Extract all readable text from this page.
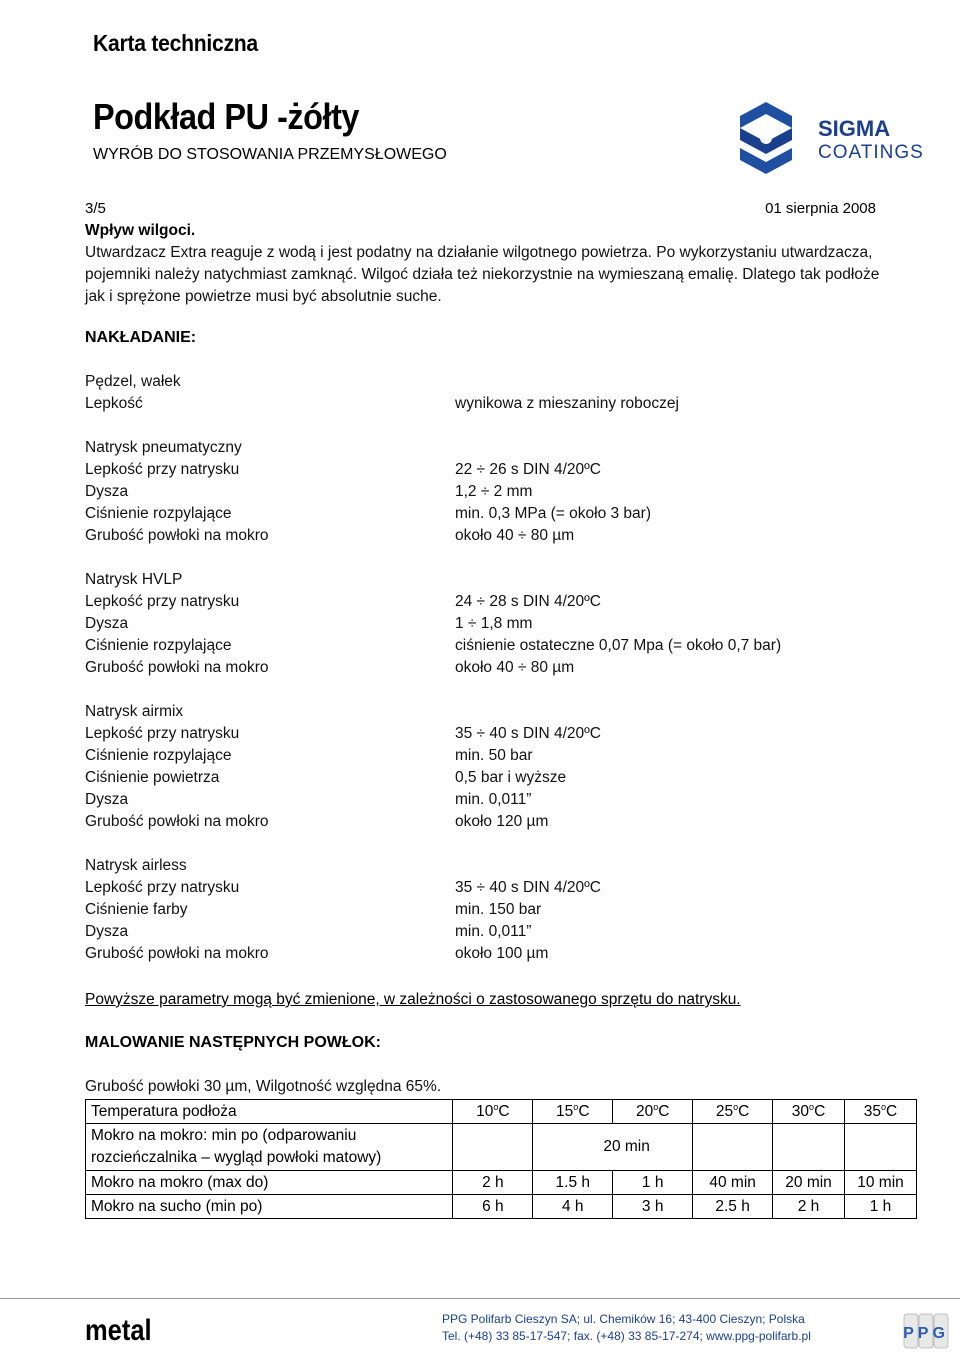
Karta techniczna
Podkład PU -żółty
WYRÓB DO STOSOWANIA PRZEMYSŁOWEGO
SIGMA
COATINGS
3/5	01 sierpnia 2008
Wpływ wilgoci.
Utwardzacz Extra reaguje z wodą i jest podatny na działanie wilgotnego powietrza. Po wykorzystaniu utwardzacza,
pojemniki należy natychmiast zamknąć. Wilgoć działa też niekorzystnie na wymieszaną emalię. Dlatego tak podłoże
jak i sprężone powietrze musi być absolutnie suche.
NAKŁADANIE:
Pędzel, wałek
Lepkość	wynikowa z mieszaniny roboczej
Natrysk pneumatyczny
Lepkość przy natrysku	22 ÷ 26 s DIN 4/20ºC
Dysza	1,2 ÷ 2 mm
Ciśnienie rozpylające	min. 0,3 MPa (= około 3 bar)
Grubość powłoki na mokro	około 40 ÷ 80 µm
Natrysk HVLP
Lepkość przy natrysku	24 ÷ 28 s DIN 4/20ºC
Dysza	1 ÷ 1,8 mm
Ciśnienie rozpylające	ciśnienie ostateczne 0,07 Mpa (= około 0,7 bar)
Grubość powłoki na mokro	około 40 ÷ 80 µm
Natrysk airmix
Lepkość przy natrysku	35 ÷ 40 s DIN 4/20ºC
Ciśnienie rozpylające	min. 50 bar
Ciśnienie powietrza	0,5 bar i wyższe
Dysza	min. 0,011”
Grubość powłoki na mokro	około 120 µm
Natrysk airless
Lepkość przy natrysku	35 ÷ 40 s DIN 4/20ºC
Ciśnienie farby	min. 150 bar
Dysza	min. 0,011”
Grubość powłoki na mokro	około 100 µm
Powyższe parametry mogą być zmienione, w zależności o zastosowanego sprzętu do natrysku.
MALOWANIE NASTĘPNYCH POWŁOK:
Grubość powłoki 30 µm, Wilgotność względna 65%.
Temperatura podłoża	10$^o$C	15$^o$C	20$^o$C	25$^o$C	30$^o$C	35$^o$C

Mokro na mokro: min po (odparowaniu
rozcieńczalnika – wygląd powłoki matowy)		20 min				
Mokro na mokro (max do)	2 h	1.5 h	1 h	40 min	20 min	10 min
Mokro na sucho (min po)	6 h	4 h	3 h	2.5 h	2 h	1 h
metal	PPG Polifarb Cieszyn SA; ul. Chemików 16; 43-400 Cieszyn; Polska
Tel. (+48) 33 85-17-547; fax. (+48) 33 85-17-274; www.ppg-polifarb.pl	PPG
